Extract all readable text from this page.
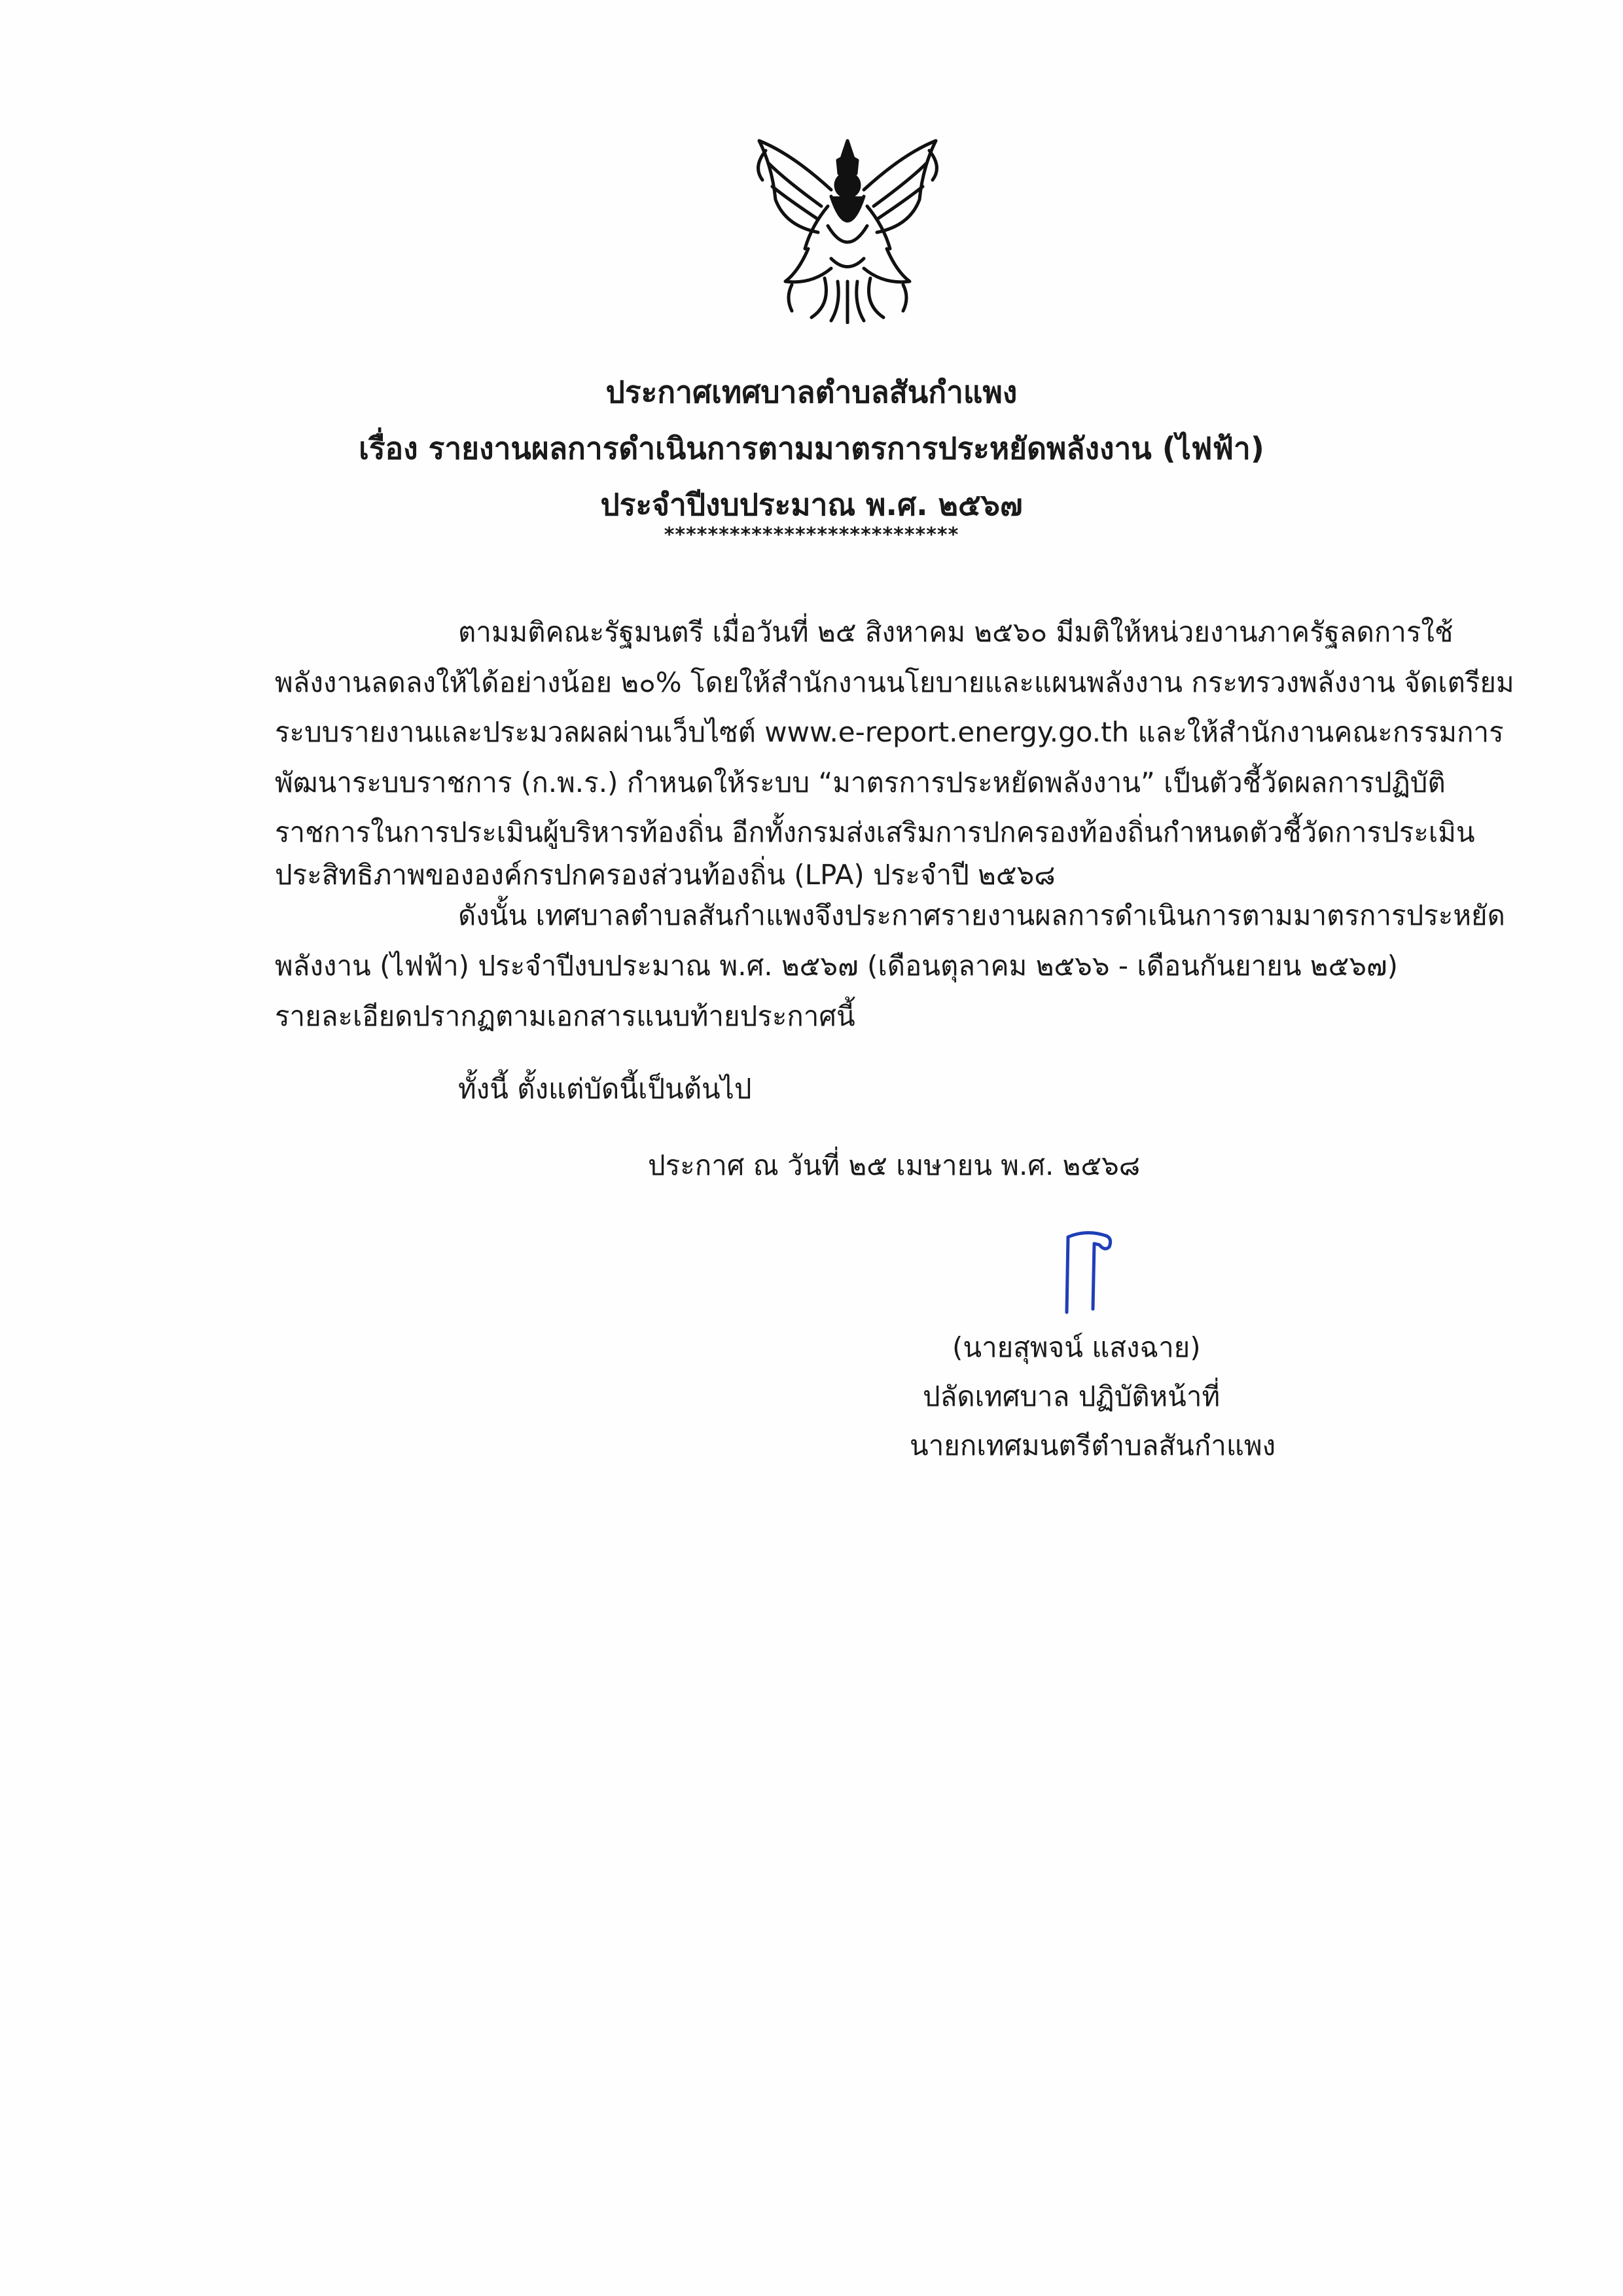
ประกาศเทศบาลตำบลสันกำแพง
เรื่อง รายงานผลการดำเนินการตามมาตรการประหยัดพลังงาน (ไฟฟ้า)
ประจำปีงบประมาณ พ.ศ. ๒๕๖๗
***************************
ตามมติคณะรัฐมนตรี เมื่อวันที่ ๒๕ สิงหาคม ๒๕๖๐ มีมติให้หน่วยงานภาครัฐลดการใช้
พลังงานลดลงให้ได้อย่างน้อย ๒๐% โดยให้สำนักงานนโยบายและแผนพลังงาน กระทรวงพลังงาน จัดเตรียม
ระบบรายงานและประมวลผลผ่านเว็บไซต์ www.e-report.energy.go.th และให้สำนักงานคณะกรรมการ
พัฒนาระบบราชการ (ก.พ.ร.) กำหนดให้ระบบ “มาตรการประหยัดพลังงาน” เป็นตัวชี้วัดผลการปฏิบัติ
ราชการในการประเมินผู้บริหารท้องถิ่น อีกทั้งกรมส่งเสริมการปกครองท้องถิ่นกำหนดตัวชี้วัดการประเมิน
ประสิทธิภาพขององค์กรปกครองส่วนท้องถิ่น (LPA) ประจำปี ๒๕๖๘
ดังนั้น เทศบาลตำบลสันกำแพงจึงประกาศรายงานผลการดำเนินการตามมาตรการประหยัด
พลังงาน (ไฟฟ้า) ประจำปีงบประมาณ พ.ศ. ๒๕๖๗ (เดือนตุลาคม ๒๕๖๖ - เดือนกันยายน ๒๕๖๗)
รายละเอียดปรากฏตามเอกสารแนบท้ายประกาศนี้
ทั้งนี้ ตั้งแต่บัดนี้เป็นต้นไป
ประกาศ ณ วันที่ ๒๕ เมษายน พ.ศ. ๒๕๖๘
(นายสุพจน์ แสงฉาย)
ปลัดเทศบาล ปฏิบัติหน้าที่
นายกเทศมนตรีตำบลสันกำแพง
